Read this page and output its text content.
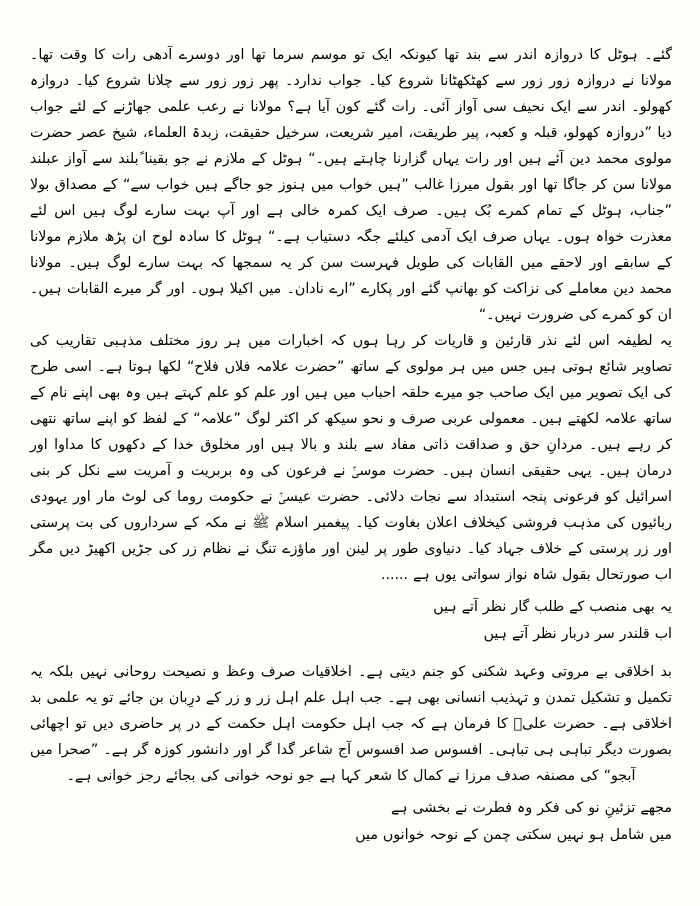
گئے۔ ہوٹل کا دروازہ اندر سے بند تھا کیونکہ ایک تو موسم سرما تھا اور دوسرے آدھی رات کا وقت تھا۔ مولانا نے دروازہ زور زور سے کھٹکھٹانا شروع کیا۔ جواب ندارد۔ پھر زور زور سے چلانا شروع کیا۔ دروازہ کھولو۔ اندر سے ایک نحیف سی آواز آئی۔ رات گئے کون آیا ہے؟ مولانا نے رعب علمی جھاڑنے کے لئے جواب دیا ”دروازہ کھولو، قبلہ و کعبہ، پیر طریقت، امیر شریعت، سرخیل حقیقت، زبدۃ العلماء، شیخ عصر حضرت مولوی محمد دین آئے ہیں اور رات یہاں گزارنا چاہتے ہیں۔“ ہوٹل کے ملازم نے جو بقینا ًبلند سے آواز عبلند مولانا سن کر جاگا تھا اور بقول میرزا غالب ”ہیں خواب میں ہنوز جو جاگے ہیں خواب سے“ کے مصداق بولا ”جناب، ہوٹل کے تمام کمرے بُک ہیں۔ صرف ایک کمرہ خالی ہے اور آپ بہت سارے لوگ ہیں اس لئے معذرت خواہ ہوں۔ یہاں صرف ایک آدمی کیلئے جگہ دستیاب ہے۔“ ہوٹل کا سادہ لوح ان پڑھ ملازم مولانا کے سابقے اور لاحقے میں القابات کی طویل فہرست سن کر یہ سمجھا کہ بہت سارے لوگ ہیں۔ مولانا محمد دین معاملے کی نزاکت کو بھانپ گئے اور پکارے ”ارے نادان۔ میں اکیلا ہوں۔ اور گر میرے القابات ہیں۔ ان کو کمرے کی ضرورت نہیں۔“

یہ لطیفہ اس لئے نذر قارئین و قاریات کر رہا ہوں کہ اخبارات میں ہر روز مختلف مذہبی تقاریب کی تصاویر شائع ہوتی ہیں جس میں ہر مولوی کے ساتھ ”حضرت علامہ فلاں فلاح“ لکھا ہوتا ہے۔ اسی طرح کی ایک تصویر میں ایک صاحب جو میرے حلقہ احباب میں ہیں اور علم کو علم کہتے ہیں وہ بھی اپنے نام کے ساتھ علامہ لکھتے ہیں۔ معمولی عربی صرف و نحو سیکھ کر اکثر لوگ ”علامہ“ کے لفظ کو اپنے ساتھ نتھی کر رہے ہیں۔ مردانِ حق و صداقت ذاتی مفاد سے بلند و بالا ہیں اور مخلوق خدا کے دکھوں کا مداوا اور درمان ہیں۔ یہی حقیقی انسان ہیں۔ حضرت موسیٰؑ نے فرعون کی وہ بربریت و آمریت سے نکل کر بنی اسرائیل کو فرعونی پنجہ استبداد سے نجات دلائی۔ حضرت عیسیٰؑ نے حکومت روما کی لوٹ مار اور یہودی ربائیوں کی مذہب فروشی کیخلاف اعلان بغاوت کیا۔ پیغمبر اسلام ﷺ نے مکہ کے سرداروں کی بت پرستی اور زر پرستی کے خلاف جہاد کیا۔ دنیاوی طور پر لینن اور ماؤزے تنگ نے نظام زر کی جڑیں اکھیڑ دیں مگر اب صورتحال بقول شاہ نواز سواتی یوں ہے ......

یہ بھی منصب کے طلب گار نظر آتے ہیں
اب قلندر سر دربار نظر آتے ہیں

بد اخلاقی بے مروتی وعہد شکنی کو جنم دیتی ہے۔ اخلاقیات صرف وعظ و نصیحت روحانی نہیں بلکہ یہ تکمیل و تشکیل تمدن و تہذیب انسانی بھی ہے۔ جب اہل علم اہل زر و زر کے درِبان بن جائے تو یہ علمی بد اخلاقی ہے۔ حضرت علیؓ کا فرمان ہے کہ جب اہل حکومت اہل حکمت کے در پر حاضری دیں تو اچھائی بصورت دیگر تباہی ہی تباہی۔ افسوس صد افسوس آج شاعر گدا گر اور دانشور کوزہ گر ہے۔ ”صحرا میں آبجو“ کی مصنفہ صدف مرزا نے کمال کا شعر کہا ہے جو نوحہ خوانی کی بجائے رجز خوانی ہے۔

مجھے تزئینِ نو کی فکر وہ فطرت نے بخشی ہے
میں شامل ہو نہیں سکتی چمن کے نوحہ خوانوں میں
